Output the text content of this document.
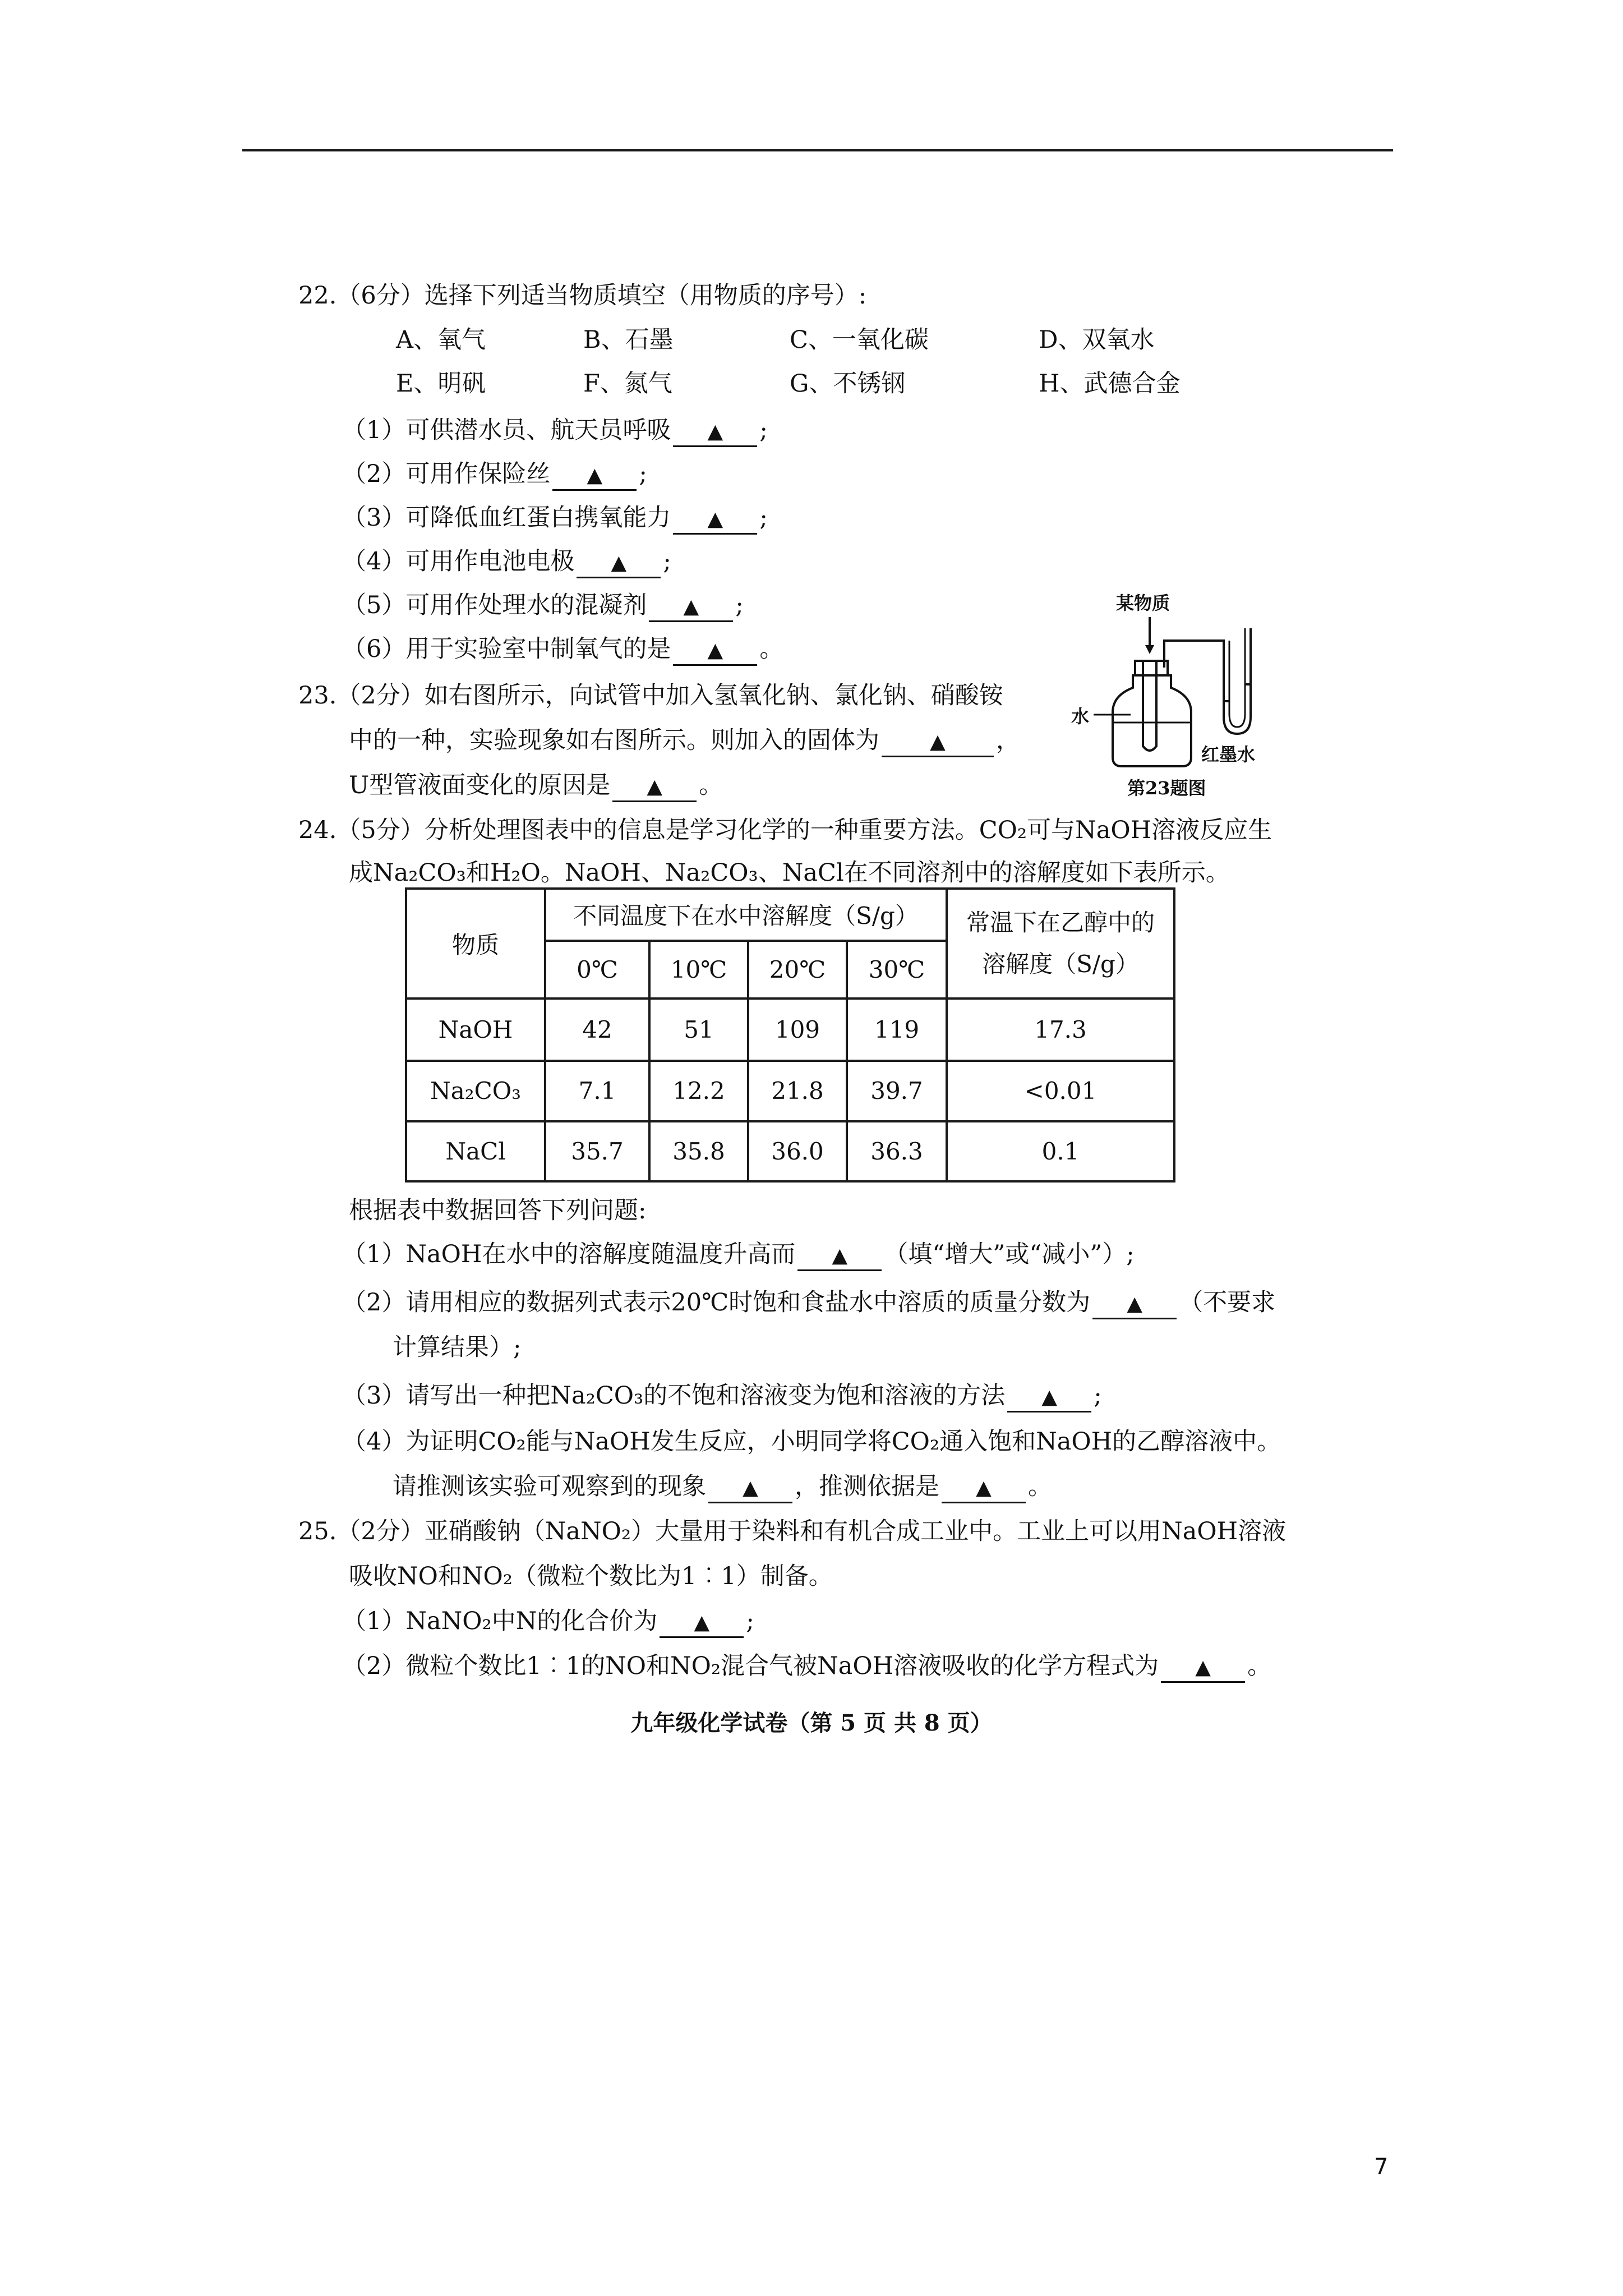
22.（6分）选择下列适当物质填空（用物质的序号）:
A、氧气	B、石墨	C、一氧化碳	D、双氧水
E、明矾	F、氮气	G、不锈钢	H、武德合金
（1）可供潜水员、航天员呼吸 ▲ ;
（2）可用作保险丝 ▲ ;
（3）可降低血红蛋白携氧能力 ▲ ;
（4）可用作电池电极 ▲ ;
（5）可用作处理水的混凝剂 ▲ ;
（6）用于实验室中制氧气的是 ▲ 。
23.（2分）如右图所示，向试管中加入氢氧化钠、氯化钠、硝酸铵
中的一种，实验现象如右图所示。则加入的固体为	▲ ，
U型管液面变化的原因是 ▲ 。
某物质
水
红墨水
第23题图
24.（5分）分析处理图表中的信息是学习化学的一种重要方法。CO₂可与NaOH溶液反应生
成Na₂CO₃和H₂O。NaOH、Na₂CO₃、NaCl在不同溶剂中的溶解度如下表所示。
物质	不同温度下在水中溶解度（S/g）				常温下在乙醇中的溶解度（S/g）
	0℃	10℃	20℃	30℃	
NaOH	42	51	109	119	17.3
Na₂CO₃	7.1	12.2	21.8	39.7	<0.01
NaCl	35.7	35.8	36.0	36.3	0.1
根据表中数据回答下列问题:
（1）NaOH在水中的溶解度随温度升高而 ▲ （填“增大”或“减小”）;
（2）请用相应的数据列式表示20℃时饱和食盐水中溶质的质量分数为 ▲ （不要求
计算结果）;
（3）请写出一种把Na₂CO₃的不饱和溶液变为饱和溶液的方法 ▲ ;
（4）为证明CO₂能与NaOH发生反应，小明同学将CO₂通入饱和NaOH的乙醇溶液中。
请推测该实验可观察到的现象 ▲ ，推测依据是 ▲ 。
25.（2分）亚硝酸钠（NaNO₂）大量用于染料和有机合成工业中。工业上可以用NaOH溶液
吸收NO和NO₂（微粒个数比为1︰1）制备。
（1）NaNO₂中N的化合价为 ▲ ;
（2）微粒个数比1︰1的NO和NO₂混合气被NaOH溶液吸收的化学方程式为 ▲ 。
九年级化学试卷（第 5 页 共 8 页）
7
